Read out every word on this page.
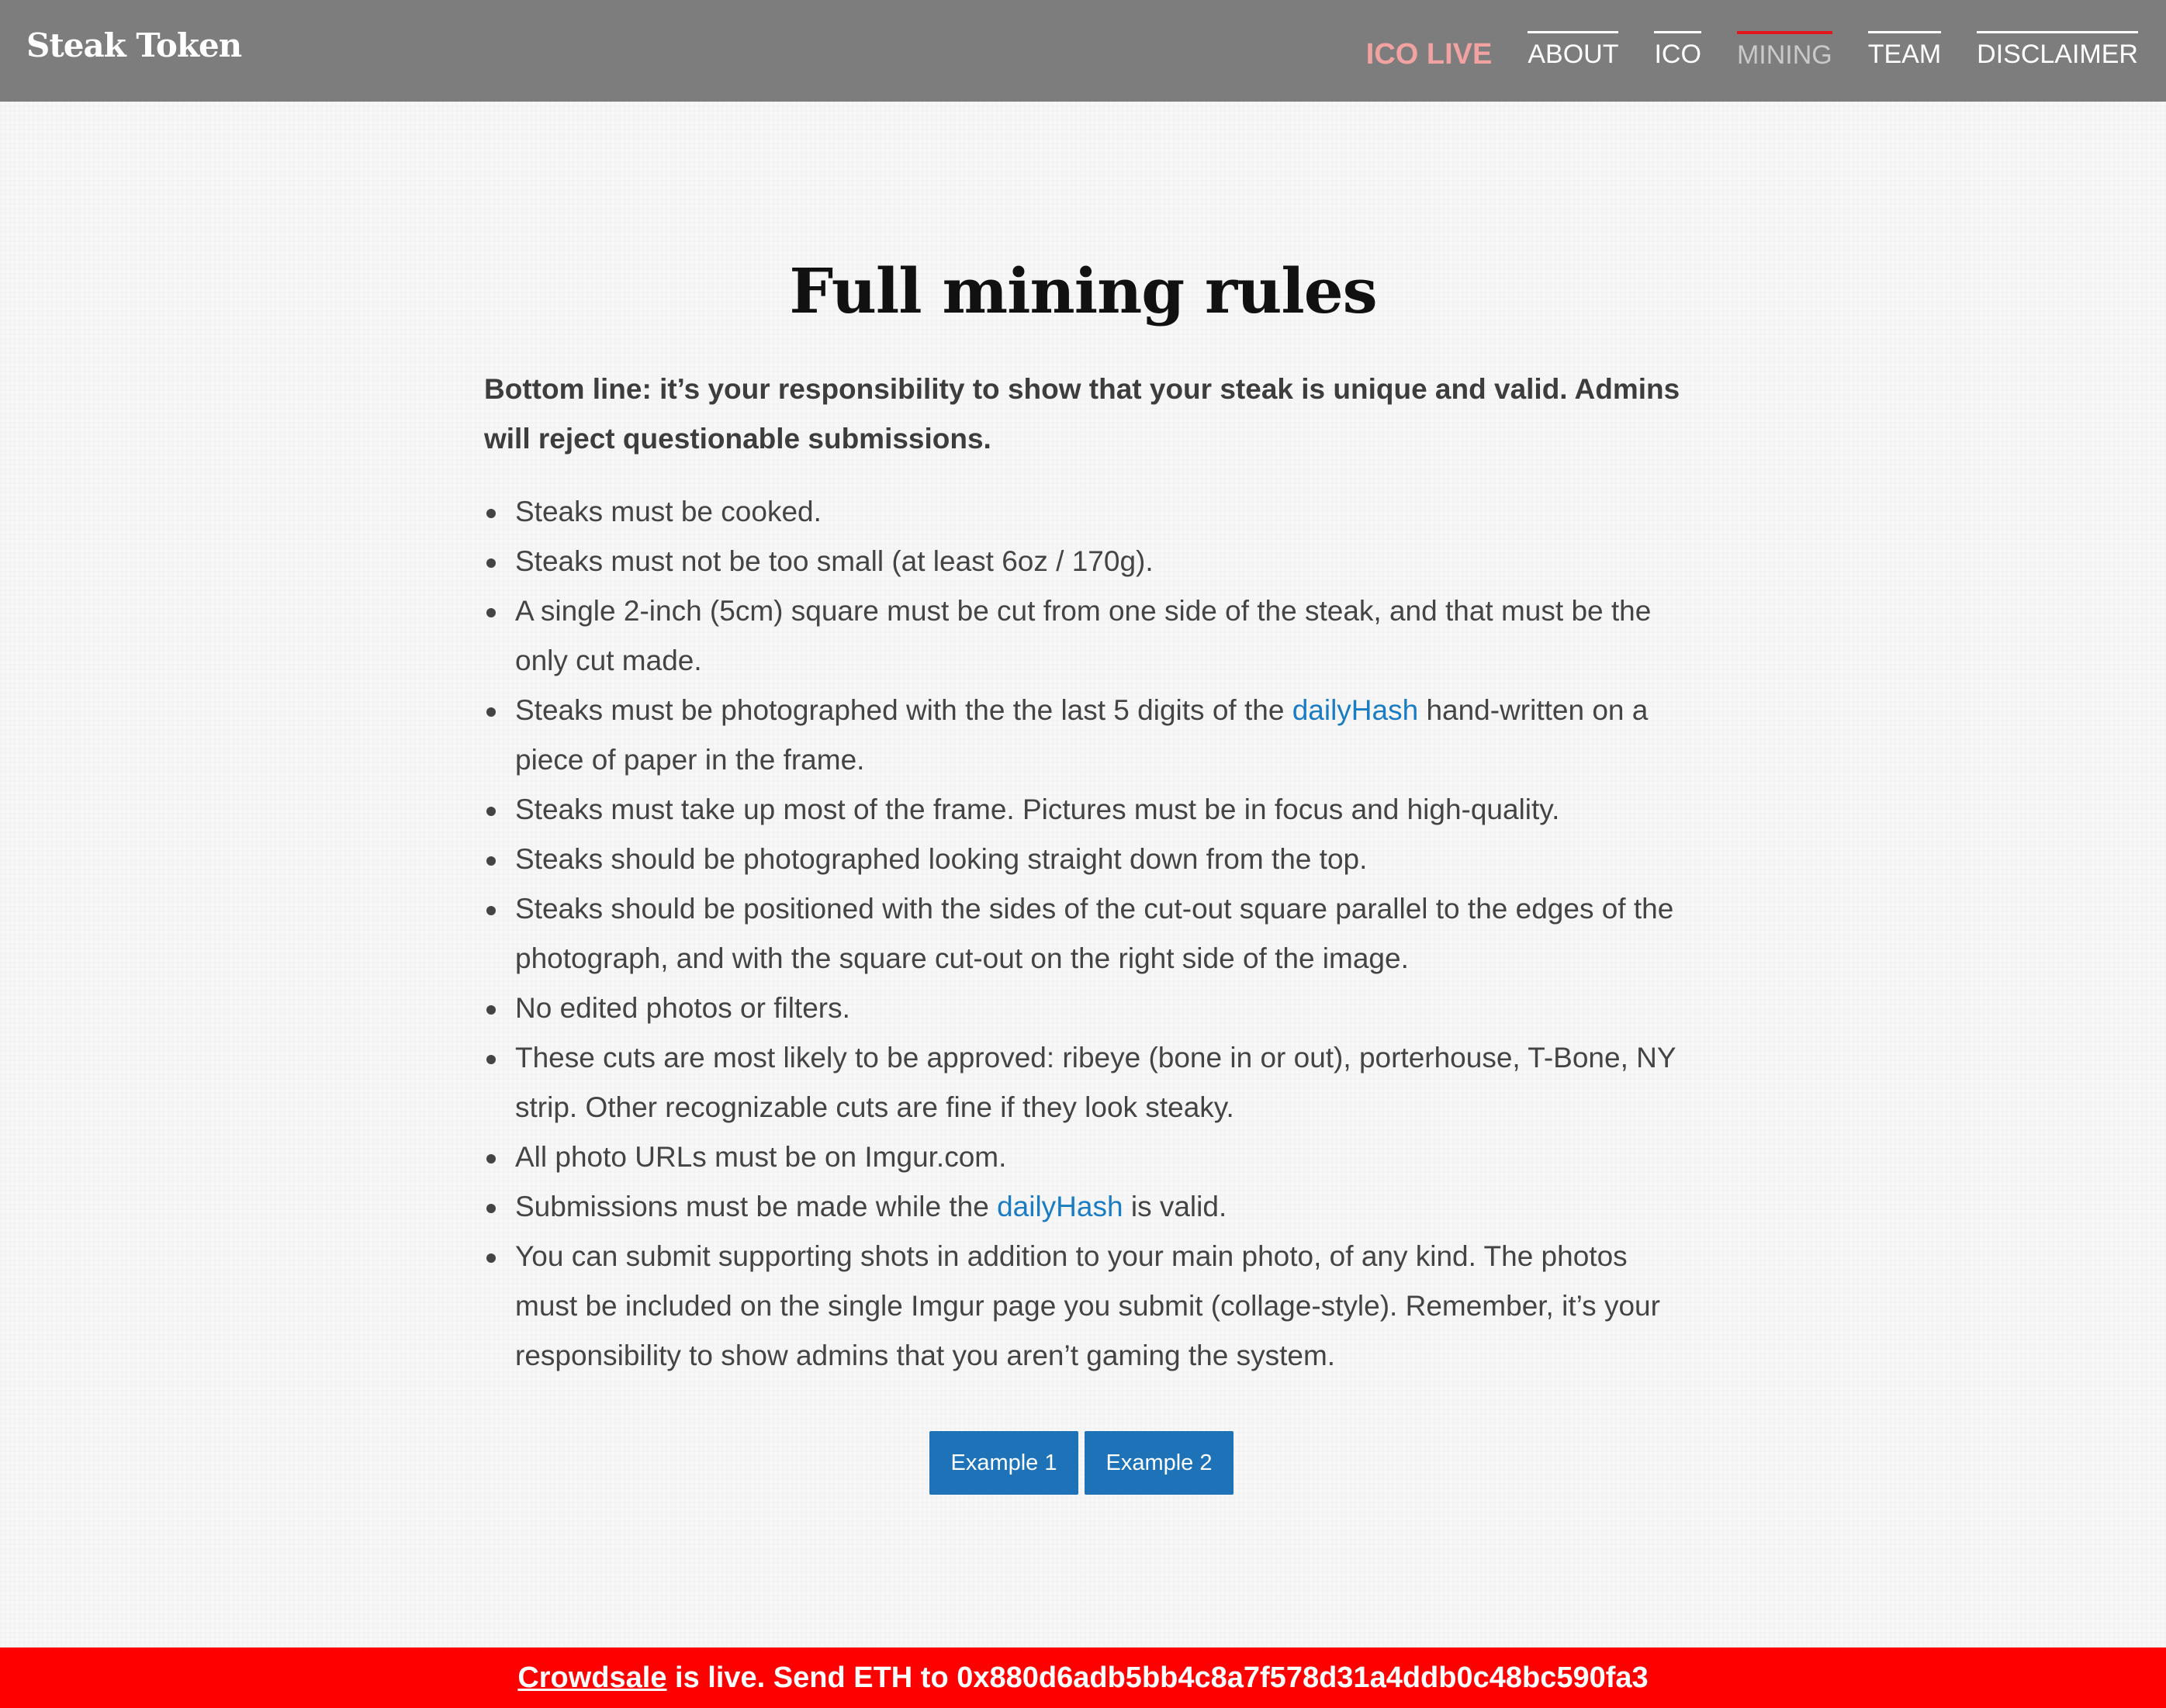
Steak Token	ICO LIVE ABOUT ICO MINING TEAM DISCLAIMER
Full mining rules

Bottom line: it’s your responsibility to show that your steak is unique and valid. Admins will reject questionable submissions.

Steaks must be cooked.
Steaks must not be too small (at least 6oz / 170g).
A single 2-inch (5cm) square must be cut from one side of the steak, and that must be the only cut made.
Steaks must be photographed with the the last 5 digits of the dailyHash hand-written on a piece of paper in the frame.
Steaks must take up most of the frame. Pictures must be in focus and high-quality.
Steaks should be photographed looking straight down from the top.
Steaks should be positioned with the sides of the cut-out square parallel to the edges of the photograph, and with the square cut-out on the right side of the image.
No edited photos or filters.
These cuts are most likely to be approved: ribeye (bone in or out), porterhouse, T-Bone, NY strip. Other recognizable cuts are fine if they look steaky.
All photo URLs must be on Imgur.com.
Submissions must be made while the dailyHash is valid.
You can submit supporting shots in addition to your main photo, of any kind. The photos must be included on the single Imgur page you submit (collage-style). Remember, it’s your responsibility to show admins that you aren’t gaming the system.
Example 1	Example 2
Crowdsale is live. Send ETH to 0x880d6adb5bb4c8a7f578d31a4ddb0c48bc590fa3
